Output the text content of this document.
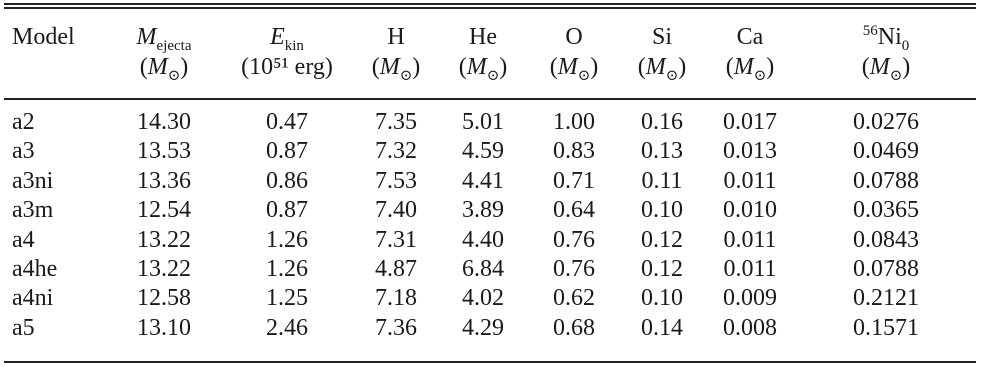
Model	$M_{ejecta}$	$E_{kin}$	H	He	O	Si	Ca	$^{56}Ni_0$
	$(M_⊙)$	(10⁵¹ erg)	$(M_⊙)$	$(M_⊙)$	$(M_⊙)$	$(M_⊙)$	$(M_⊙)$	$(M_⊙)$
a2	14.30	0.47	7.35	5.01	1.00	0.16	0.017	0.0276
a3	13.53	0.87	7.32	4.59	0.83	0.13	0.013	0.0469
a3ni	13.36	0.86	7.53	4.41	0.71	0.11	0.011	0.0788
a3m	12.54	0.87	7.40	3.89	0.64	0.10	0.010	0.0365
a4	13.22	1.26	7.31	4.40	0.76	0.12	0.011	0.0843
a4he	13.22	1.26	4.87	6.84	0.76	0.12	0.011	0.0788
a4ni	12.58	1.25	7.18	4.02	0.62	0.10	0.009	0.2121
a5	13.10	2.46	7.36	4.29	0.68	0.14	0.008	0.1571
